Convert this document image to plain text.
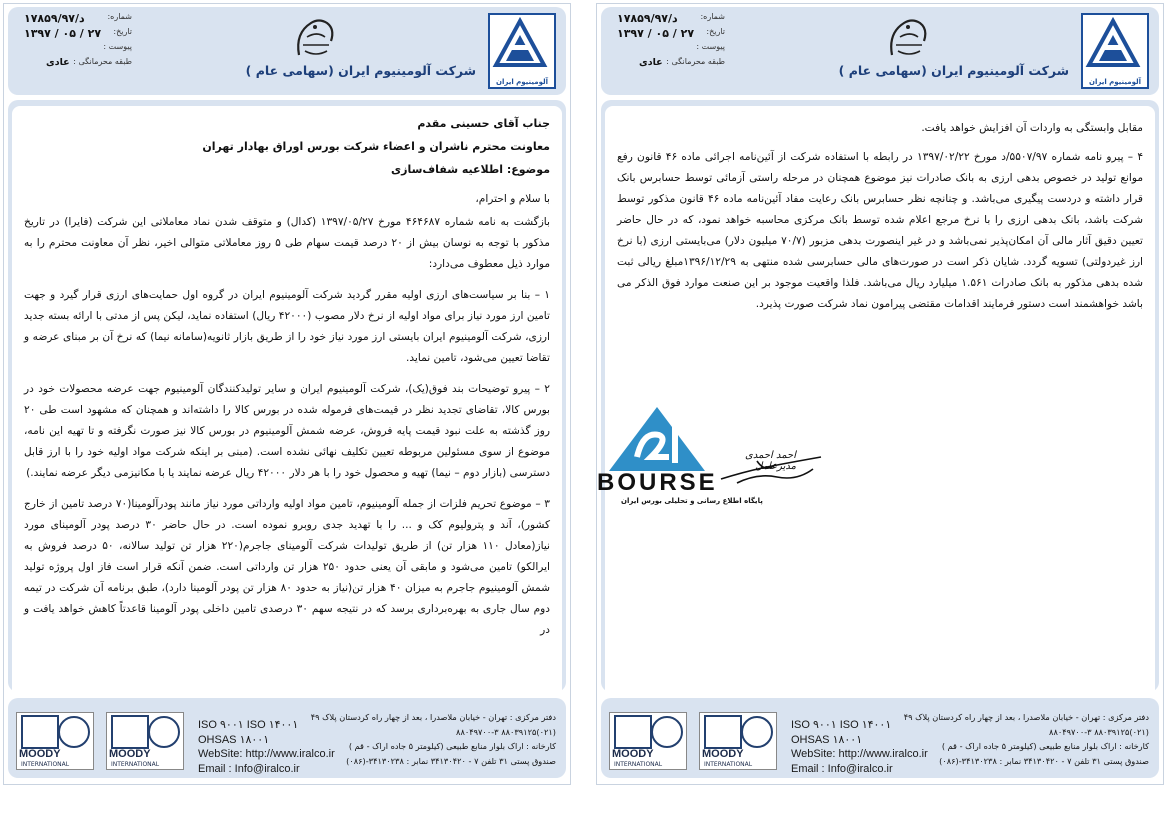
شماره:
۱۷۸۵۹/۹۷/د
تاریخ:
۱۳۹۷ / ۰۵ / ۲۷
پیوست :
طبقه محرمانگی :
عادی
شرکت آلومینیوم ایران (سهامی عام )
آلومینیوم ایران
جناب آقای حسینی مقدم
معاونت محترم ناشران و اعضاء شرکت بورس اوراق بهادار تهران
موضوع: اطلاعیه شفاف‌سازی

با سلام و احترام،

بازگشت به نامه شماره ۴۶۴۶۸۷ مورخ ۱۳۹۷/۰۵/۲۷ (کدال) و متوقف شدن نماد معاملاتی این شرکت (فایرا) در تاریخ مذکور با توجه به نوسان بیش از ۲۰ درصد قیمت سهام طی ۵ روز معاملاتی متوالی اخیر، نظر آن معاونت محترم را به موارد ذیل معطوف می‌دارد:

۱ – بنا بر سیاست‌های ارزی اولیه مقرر گردید شرکت آلومینیوم ایران در گروه اول حمایت‌های ارزی قرار گیرد و جهت تامین ارز مورد نیاز برای مواد اولیه از نرخ دلار مصوب (۴۲۰۰۰ ریال) استفاده نماید، لیکن پس از مدتی با ارائه بسته جدید ارزی، شرکت آلومینیوم ایران بایستی ارز مورد نیاز خود را از طریق بازار ثانویه(سامانه نیما) که نرخ آن بر مبنای عرضه و تقاضا تعیین می‌شود، تامین نماید.

۲ – پیرو توضیحات بند فوق(یک)، شرکت آلومینیوم ایران و سایر تولیدکنندگان آلومینیوم جهت عرضه محصولات خود در بورس کالا، تقاضای تجدید نظر در قیمت‌های فرموله شده در بورس کالا را داشته‌اند و همچنان که مشهود است طی ۲۰ روز گذشته به علت نبود قیمت پایه فروش، عرضه شمش آلومینیوم در بورس کالا نیز صورت نگرفته و تا تهیه این نامه، موضوع از سوی مسئولین مربوطه تعیین تکلیف نهائی نشده است. (مبنی بر اینکه شرکت مواد اولیه خود را با ارز قابل دسترسی (بازار دوم – نیما) تهیه و محصول خود را با هر دلار ۴۲۰۰۰ ریال عرضه نمایند یا با مکانیزمی دیگر عرضه نمایند.)

۳ – موضوع تحریم فلزات از جمله آلومینیوم، تامین مواد اولیه وارداتی مورد نیاز مانند پودرآلومینا(۷۰ درصد تامین از خارج کشور)، آند و پترولیوم کک و ... را با تهدید جدی روبرو نموده است. در حال حاضر ۳۰ درصد پودر آلومینای مورد نیاز(معادل ۱۱۰ هزار تن) از طریق تولیدات شرکت آلومینای جاجرم(۲۲۰ هزار تن تولید سالانه، ۵۰ درصد فروش به ایرالکو) تامین می‌شود و مابقی آن یعنی حدود ۲۵۰ هزار تن وارداتی است. ضمن آنکه قرار است فاز اول پروژه تولید شمش آلومینیوم جاجرم به میزان ۴۰ هزار تن(نیاز به حدود ۸۰ هزار تن پودر آلومینا دارد)، طبق برنامه آن شرکت در تیمه دوم سال جاری به بهره‌برداری برسد که در نتیجه سهم ۳۰ درصدی تامین داخلی پودر آلومینا قاعدتاً کاهش خواهد یافت و در

MOODY
INTERNATIONAL
MOODY
INTERNATIONAL
ISO ۹۰۰۱ ISO ۱۴۰۰۱
OHSAS ۱۸۰۰۱
WebSite: http://www.iralco.ir
Email : Info@iralco.ir
دفتر مرکزی : تهران - خیابان ملاصدرا ، بعد از چهار راه کردستان پلاک ۴۹
(۰۲۱)۸۸۰۳۹۱۲۵ ۸۸۰۴۹۷۰۰-۳
کارخانه : اراک بلوار منابع طبیعی (کیلومتر ۵ جاده اراک - قم )
صندوق پستی ۳۱ تلفن ۷ - ۳۴۱۳۰۴۲۰ نمابر : ۳۴۱۳۰۲۳۸-(۰۸۶)
شماره:
۱۷۸۵۹/۹۷/د
تاریخ:
۱۳۹۷ / ۰۵ / ۲۷
پیوست :
طبقه محرمانگی :
عادی
شرکت آلومینیوم ایران (سهامی عام )
آلومینیوم ایران

مقابل وابستگی به واردات آن افزایش خواهد یافت.

۴ – پیرو نامه شماره ۵۵۰۷/۹۷/د مورخ ۱۳۹۷/۰۲/۲۲ در رابطه با استفاده شرکت از آئین‌نامه اجرائی ماده ۴۶ قانون رفع موانع تولید در خصوص بدهی ارزی به بانک صادرات نیز موضوع همچنان در مرحله راستی آزمائی توسط حسابرس بانک قرار داشته و دردست پیگیری می‌باشد. و چنانچه نظر حسابرس بانک رعایت مفاد آئین‌نامه ماده ۴۶ قانون مذکور توسط شرکت باشد، بانک بدهی ارزی را با نرخ مرجع اعلام شده توسط بانک مرکزی محاسبه خواهد نمود، که در حال حاضر تعیین دقیق آثار مالی آن امکان‌پذیر نمی‌باشد و در غیر اینصورت بدهی مزبور (۷۰/۷ میلیون دلار) می‌بایستی ارزی (با نرخ ارز غیردولتی) تسویه گردد. شایان ذکر است در صورت‌های مالی حسابرسی شده منتهی به ۱۳۹۶/۱۲/۲۹مبلغ ریالی ثبت شده بدهی مذکور به بانک صادرات ۱.۵۶۱ میلیارد ریال می‌باشد. فلذا واقعیت موجود بر این صنعت موارد فوق الذکر می باشد خواهشمند است دستور فرمایند اقدامات مقتضی پیرامون نماد شرکت صورت پذیرد.

MOODY
INTERNATIONAL
MOODY
INTERNATIONAL
ISO ۹۰۰۱ ISO ۱۴۰۰۱
OHSAS ۱۸۰۰۱
WebSite: http://www.iralco.ir
Email : Info@iralco.ir
دفتر مرکزی : تهران - خیابان ملاصدرا ، بعد از چهار راه کردستان پلاک ۴۹
(۰۲۱)۸۸۰۳۹۱۲۵ ۸۸۰۴۹۷۰۰-۳
کارخانه : اراک بلوار منابع طبیعی (کیلومتر ۵ جاده اراک - قم )
صندوق پستی ۳۱ تلفن ۷ - ۳۴۱۳۰۴۲۰ نمابر : ۳۴۱۳۰۲۳۸-(۰۸۶)
BOURSE
پایگاه اطلاع رسانی و تحلیلی بورس ایران
احمد احمدی
مدیرعامل
